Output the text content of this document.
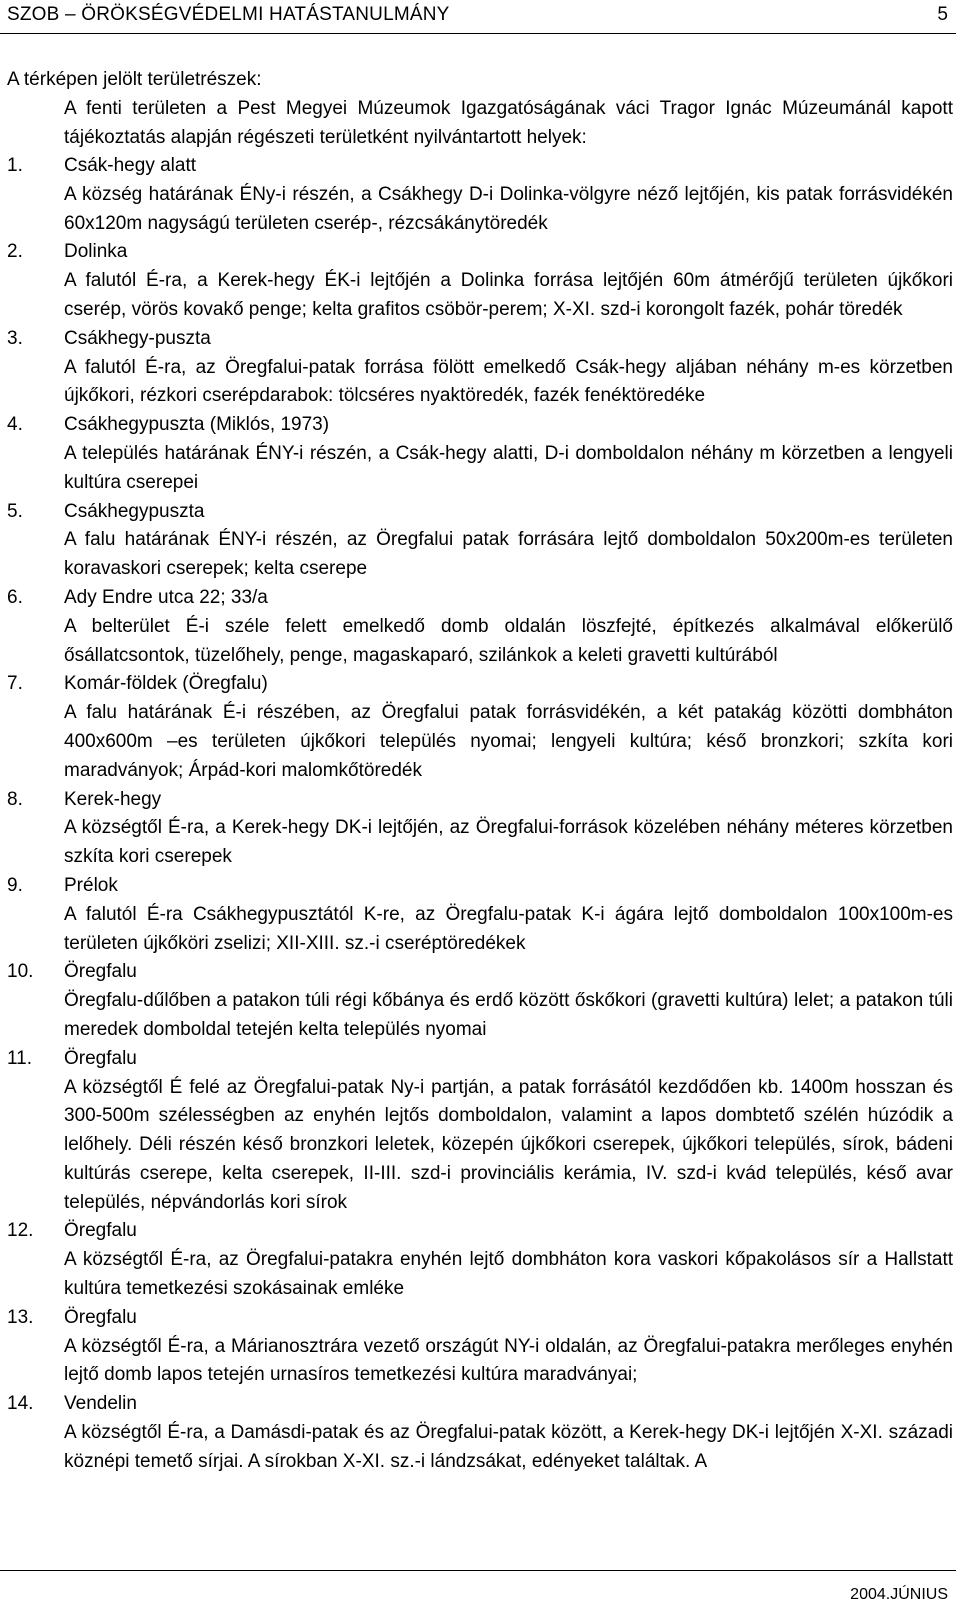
SZOB – ÖRÖKSÉGVÉDELMI HATÁSTANULMÁNY	5
A térképen jelölt területrészek:
A fenti területen a Pest Megyei Múzeumok Igazgatóságának váci Tragor Ignác Múzeumánál kapott tájékoztatás alapján régészeti területként nyilvántartott helyek:
1.	Csák-hegy alatt
A község határának ÉNy-i részén, a Csákhegy D-i Dolinka-völgyre néző lejtőjén, kis patak forrásvidékén 60x120m nagyságú területen cserép-, rézcsákánytöredék
2.	Dolinka
A falutól É-ra, a Kerek-hegy ÉK-i lejtőjén a Dolinka forrása lejtőjén 60m átmérőjű területen újkőkori cserép, vörös kovakő penge; kelta grafitos csöbör-perem; X-XI. szd-i korongolt fazék, pohár töredék
3.	Csákhegy-puszta
A falutól É-ra, az Öregfalui-patak forrása fölött emelkedő Csák-hegy aljában néhány m-es körzetben újkőkori, rézkori cserépdarabok: tölcséres nyaktöredék, fazék fenéktöredéke
4.	Csákhegypuszta (Miklós, 1973)
A település határának ÉNY-i részén, a Csák-hegy alatti, D-i domboldalon néhány m körzetben a lengyeli kultúra cserepei
5.	Csákhegypuszta
A falu határának ÉNY-i részén, az Öregfalui patak forrására lejtő domboldalon 50x200m-es területen koravaskori cserepek; kelta cserepe
6.	Ady Endre utca 22; 33/a
A belterület É-i széle felett emelkedő domb oldalán löszfejté, építkezés alkalmával előkerülő ősállatcsontok, tüzelőhely, penge, magaskaparó, szilánkok a keleti gravetti kultúrából
7.	Komár-földek (Öregfalu)
A falu határának É-i részében, az Öregfalui patak forrásvidékén, a két patakág közötti dombháton 400x600m –es területen újkőkori település nyomai; lengyeli kultúra; késő bronzkori; szkíta kori maradványok; Árpád-kori malomkőtöredék
8.	Kerek-hegy
A községtől É-ra, a Kerek-hegy DK-i lejtőjén, az Öregfalui-források közelében néhány méteres körzetben szkíta kori cserepek
9.	Prélok
A falutól É-ra Csákhegypusztától K-re, az Öregfalu-patak K-i ágára lejtő domboldalon 100x100m-es területen újkőköri zselizi; XII-XIII. sz.-i cseréptöredékek
10.	Öregfalu
Öregfalu-dűlőben a patakon túli régi kőbánya és erdő között őskőkori (gravetti kultúra) lelet; a patakon túli meredek domboldal tetején kelta település nyomai
11.	Öregfalu
A községtől É felé az Öregfalui-patak Ny-i partján, a patak forrásától kezdődően kb. 1400m hosszan és 300-500m szélességben az enyhén lejtős domboldalon, valamint a lapos dombtető szélén húzódik a lelőhely. Déli részén késő bronzkori leletek, közepén újkőkori cserepek, újkőkori település, sírok, bádeni kultúrás cserepe, kelta cserepek, II-III. szd-i provinciális kerámia, IV. szd-i kvád település, késő avar település, népvándorlás kori sírok
12.	Öregfalu
A községtől É-ra, az Öregfalui-patakra enyhén lejtő dombháton kora vaskori kőpakolásos sír a Hallstatt kultúra temetkezési szokásainak emléke
13.	Öregfalu
A községtől É-ra, a Márianosztrára vezető országút NY-i oldalán, az Öregfalui-patakra merőleges enyhén lejtő domb lapos tetején urnasíros temetkezési kultúra maradványai;
14.	Vendelin
A községtől É-ra, a Damásdi-patak és az Öregfalui-patak között, a Kerek-hegy DK-i lejtőjén X-XI. századi köznépi temető sírjai. A sírokban X-XI. sz.-i lándzsákat, edényeket találtak. A
2004.JÚNIUS
